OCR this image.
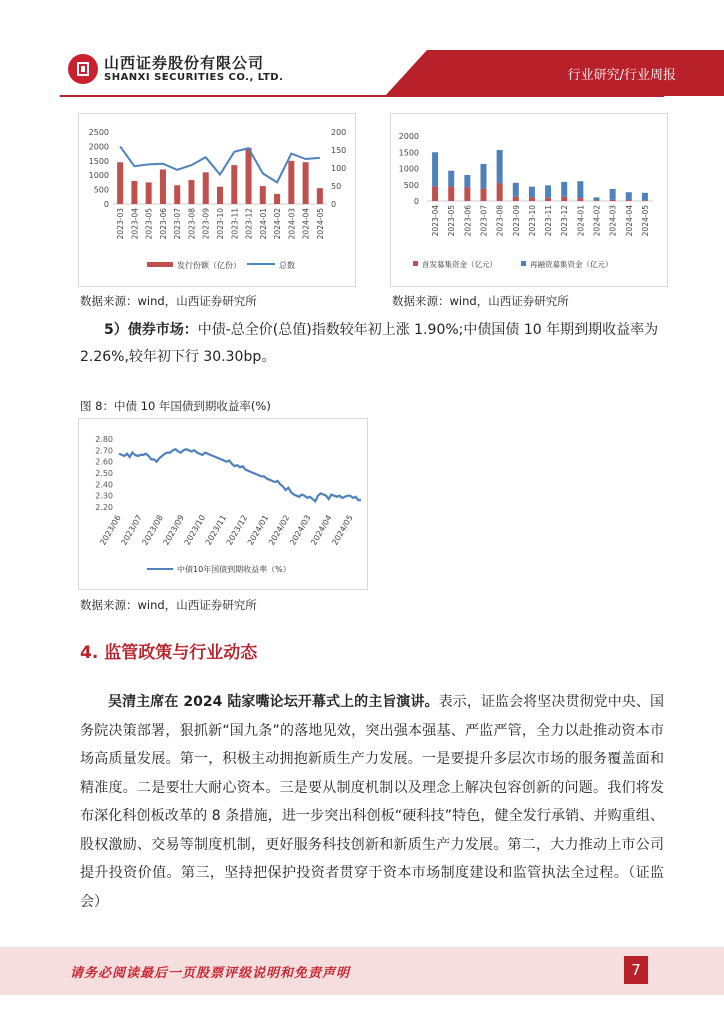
山西证券股份有限公司
SHANXI SECURITIES CO., LTD.	行业研究/行业周报
2500
2000
1500
1000
500
0
200
150
100
50
0
2023-03 2023-04 2023-05 2023-06 2023-07 2023-08 2023-09 2023-10 2023-11 2023-12 2024-01 2024-02 2024-03 2024-04 2024-05
发行份额（亿份）	总数
数据来源：wind，山西证券研究所
2000
1500
1000
500
0
2023-04 2023-05 2023-06 2023-07 2023-08 2023-09 2023-10 2023-11 2023-12 2024-01 2024-02 2024-03 2024-04 2024-05
首发募集资金（亿元）	再融资募集资金（亿元）
数据来源：wind，山西证券研究所
5）债券市场：中债-总全价(总值)指数较年初上涨 1.90%;中债国债 10 年期到期收益率为 2.26%,较年初下行 30.30bp。
图 8：中债 10 年国债到期收益率(%)
2.80
2.70
2.60
2.50
2.40
2.30
2.20
2023/06
2023/07
2023/08
2023/09
2023/10
2023/11
2023/12
2024/01
2024/02
2024/03
2024/04
2024/05
中债10年国债到期收益率（%）
数据来源：wind，山西证券研究所
4. 监管政策与行业动态
吴清主席在 2024 陆家嘴论坛开幕式上的主旨演讲。表示，证监会将坚决贯彻党中央、国务院决策部署，狠抓新“国九条”的落地见效，突出强本强基、严监严管，全力以赴推动资本市场高质量发展。第一，积极主动拥抱新质生产力发展。一是要提升多层次市场的服务覆盖面和精准度。二是要壮大耐心资本。三是要从制度机制以及理念上解决包容创新的问题。我们将发布深化科创板改革的 8 条措施，进一步突出科创板“硬科技”特色，健全发行承销、并购重组、股权激励、交易等制度机制，更好服务科技创新和新质生产力发展。第二，大力推动上市公司提升投资价值。第三，坚持把保护投资者贯穿于资本市场制度建设和监管执法全过程。（证监会）
请务必阅读最后一页股票评级说明和免责声明	7
